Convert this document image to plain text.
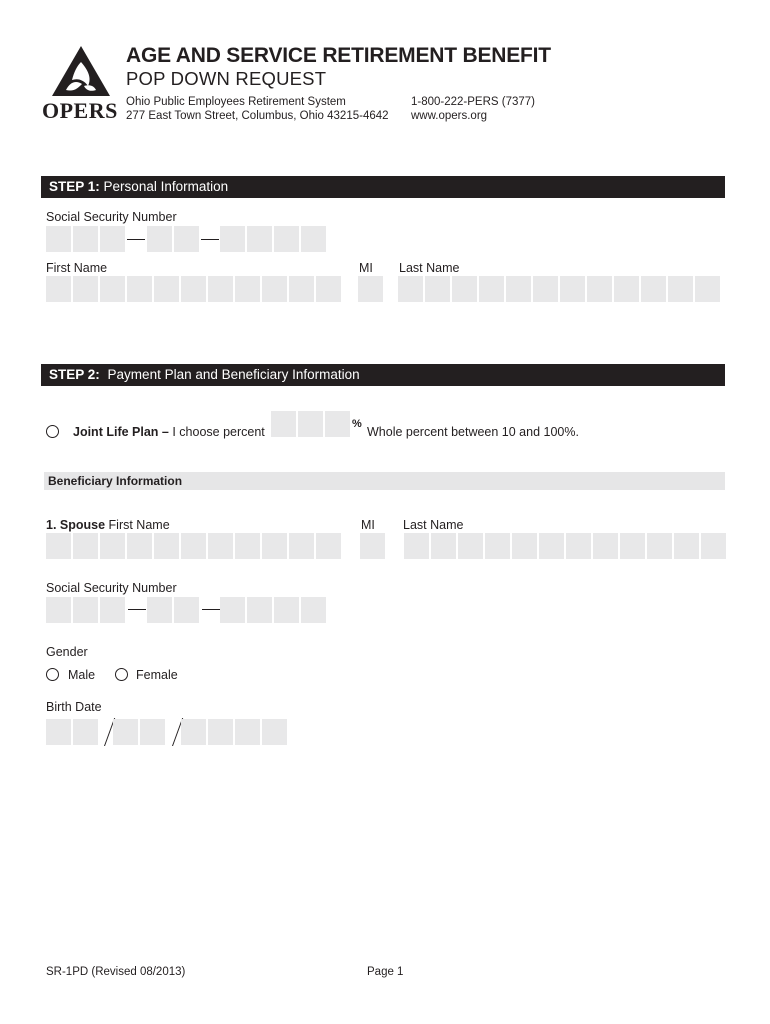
OPERS
AGE AND SERVICE RETIREMENT BENEFIT
POP DOWN REQUEST
Ohio Public Employees Retirement System
277 East Town Street, Columbus, Ohio 43215-4642
1-800-222-PERS (7377)
www.opers.org
STEP 1: Personal Information
Social Security Number
First Name	MI Last Name
STEP 2: Payment Plan and Beneficiary Information
Joint Life Plan – I choose percent
%
Whole percent between 10 and 100%.
Beneficiary Information
1. Spouse First Name	MI Last Name
Social Security Number
Gender
Male	Female
Birth Date
SR-1PD (Revised 08/2013)	Page 1
